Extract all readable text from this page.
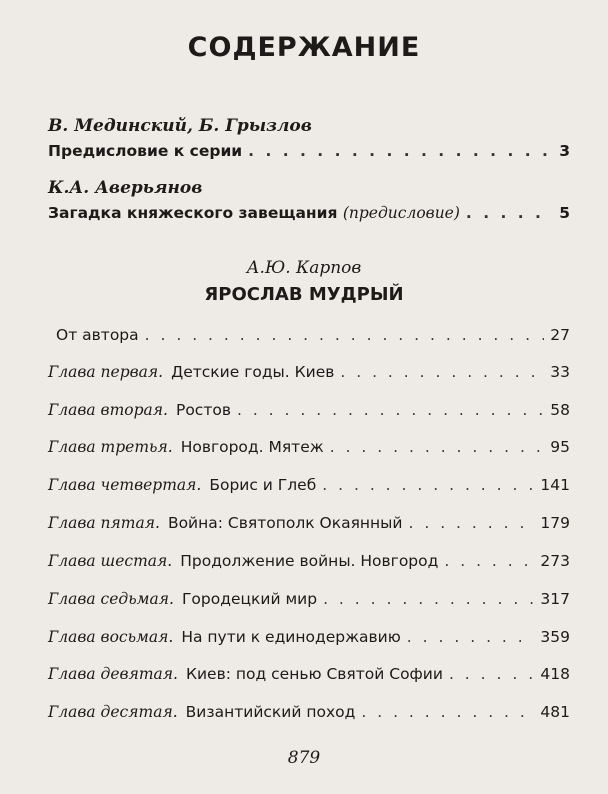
СОДЕРЖАНИЕ
В. Мединский, Б. Грызлов
Предисловие к серии . . .	3
К.А. Аверьянов
Загадка княжеского завещания (предисловие) . . .	5
А.Ю. Карпов
ЯРОСЛАВ МУДРЫЙ
От автора . . .	27
Глава первая. Детские годы. Киев . . .	33
Глава вторая. Ростов . . .	58
Глава третья. Новгород. Мятеж . . .	95
Глава четвертая. Борис и Глеб . . .	141
Глава пятая. Война: Святополк Окаянный . . .	179
Глава шестая. Продолжение войны. Новгород . . .	273
Глава седьмая. Городецкий мир . . .	317
Глава восьмая. На пути к единодержавию . . .	359
Глава девятая. Киев: под сенью Святой Софии . . .	418
Глава десятая. Византийский поход . . .	481
879
